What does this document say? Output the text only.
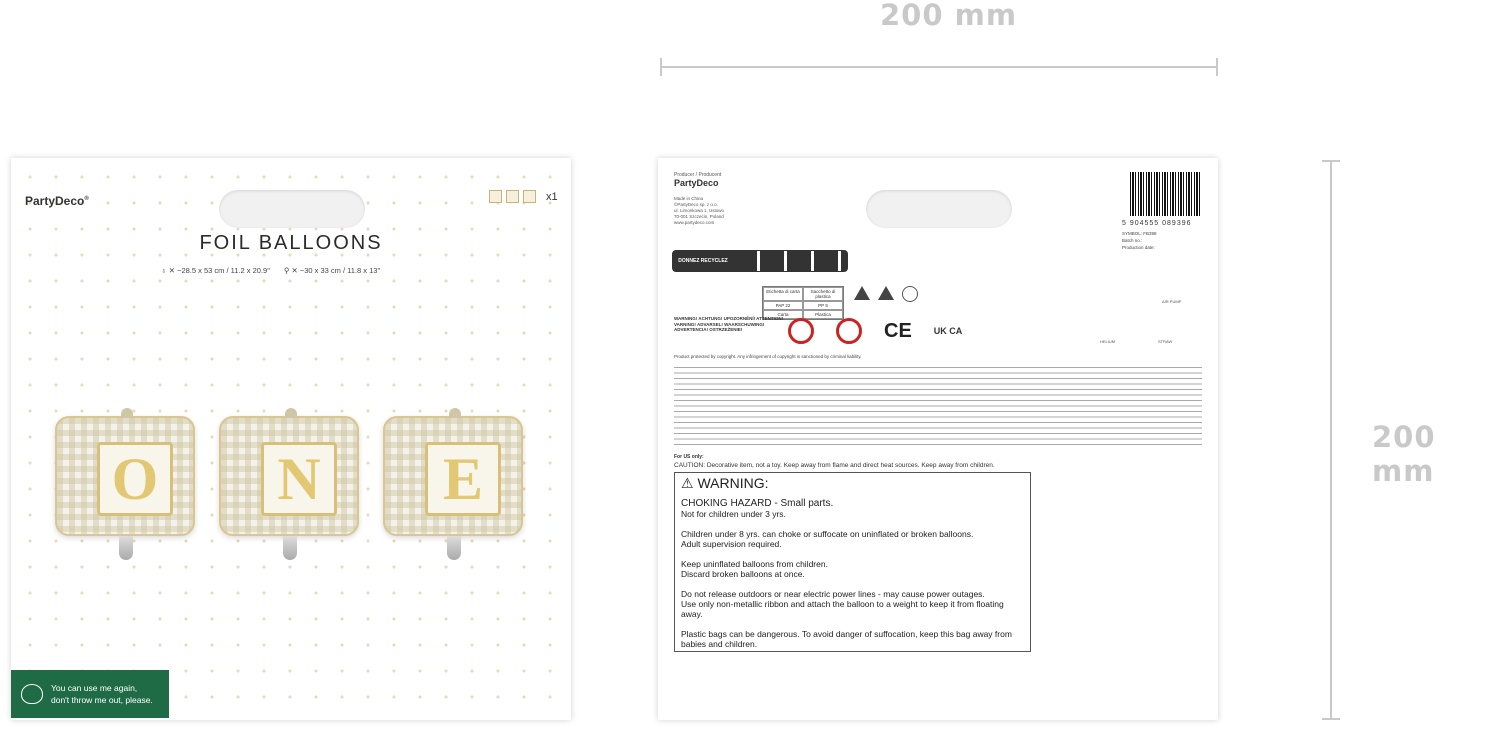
200 mm
200 mm
PartyDeco®	x1
FOIL BALLOONS
♁ ✕ ~28.5 x 53 cm / 11.2 x 20.9" ⚲ ✕ ~30 x 33 cm / 11.8 x 13"
O N E
You can use me again,
don't throw me out, please.
Producer / Producent
PartyDeco
Made in China
©PartyDeco sp. z o.o.
ul. Limonkowa 1, Ustowo
70-001 Szczecin, Poland
www.partydeco.com	5 904555 089396
SYMBOL: FB398
Batch no.:
Production date:
DONNEZ RECYCLEZ
Etichetta di carta	Sacchetto di plastica
PAP 22	PP 5
Carta	Plastica
WARNING! ACHTUNG! UPOZORNĚNÍ! ATTENTION!
VARNING! ADVARSEL! WAARSCHUWING!
ADVERTENCIA! OSTRZEŻENIE!	CE UK CA
AIR PUMP
HELIUM	STRAW
Product protected by copyright. Any infringement of copyright is sanctioned by criminal liability.
For US only:
CAUTION: Decorative item, not a toy. Keep away from flame and direct heat sources. Keep away from children.
⚠ WARNING:

CHOKING HAZARD - Small parts.
Not for children under 3 yrs.

Children under 8 yrs. can choke or suffocate on uninflated or broken balloons.
Adult supervision required.

Keep uninflated balloons from children.
Discard broken balloons at once.

Do not release outdoors or near electric power lines - may cause power outages.
Use only non-metallic ribbon and attach the balloon to a weight to keep it from floating away.

Plastic bags can be dangerous. To avoid danger of suffocation, keep this bag away from babies and children.
